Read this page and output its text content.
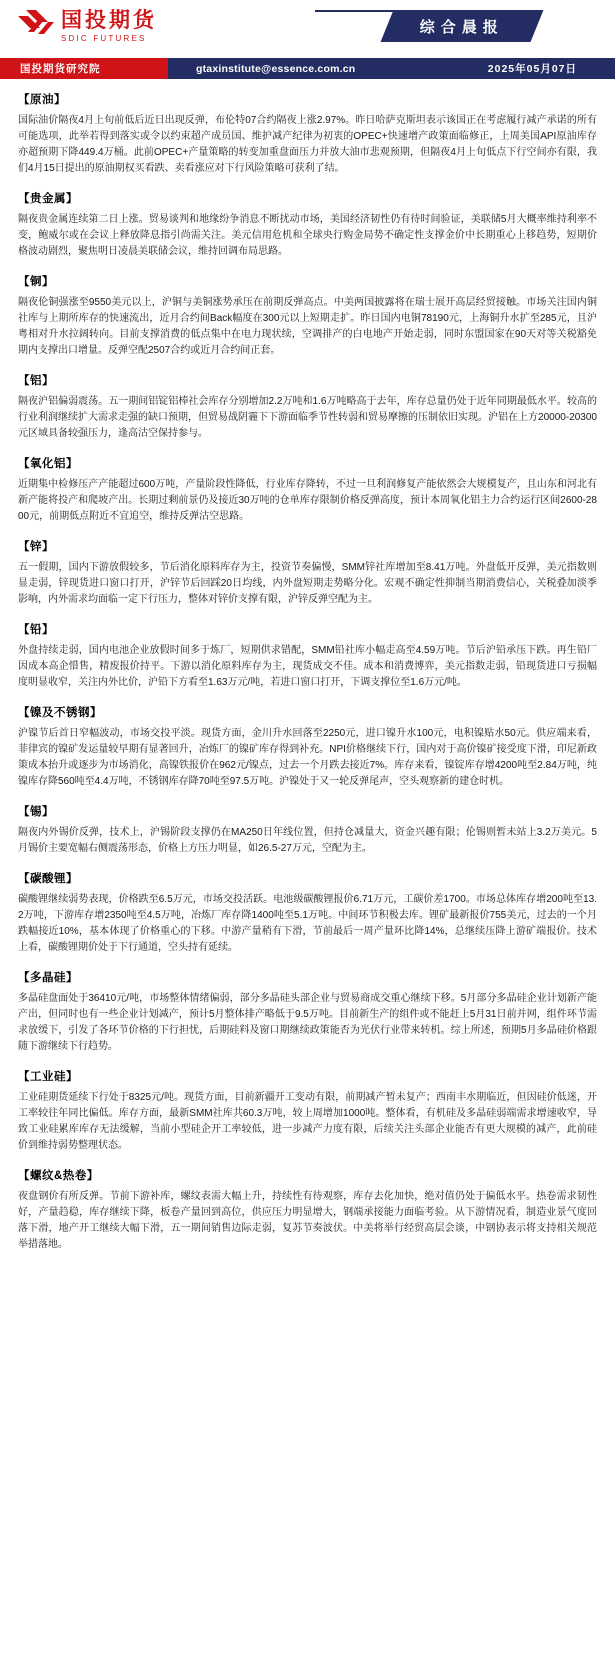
国投期货
SDIC FUTURES
综合晨报
国投期货研究院	gtaxinstitute@essence.com.cn	2025年05月07日
【原油】

国际油价隔夜4月上旬前低后近日出现反弹，布伦特07合约隔夜上涨2.97%。昨日哈萨克斯坦表示该国正在考虑履行减产承诺的所有可能选项，此举若得到落实或令以约束超产成员国、维护减产纪律为初衷的OPEC+快速增产政策面临修正，上周美国API原油库存亦超预期下降449.4万桶。此前OPEC+产量策略的转变加重盘面压力并放大油市悲观预期，但隔夜4月上旬低点下行空间亦有限，我们4月15日提出的原油期权买看跌、卖看涨应对下行风险策略可获利了结。

【贵金属】

隔夜贵金属连续第二日上涨。贸易谈判和地缘纷争消息不断扰动市场，美国经济韧性仍有待时间验证，美联储5月大概率维持利率不变，鲍威尔或在会议上释放降息指引尚需关注。美元信用危机和全球央行购金局势不确定性支撑金价中长期重心上移趋势，短期价格波动剧烈，聚焦明日凌晨美联储会议，维持回调布局思路。

【铜】

隔夜伦铜强涨至9550美元以上，沪铜与美铜涨势承压在前期反弹高点。中美两国披露将在瑞士展开高层经贸接触。市场关注国内铜社库与上期所库存的快速流出，近月合约间Back幅度在300元以上短期走扩。昨日国内电铜78190元，上海铜升水扩至285元，且沪粤相对升水拉阔转向。目前支撑消费的低点集中在电力现状续，空调排产的白电地产开始走弱，同时东盟国家在90天对等关税豁免期内支撑出口增量。反弹空配2507合约或近月合约间正套。

【铝】

隔夜沪铝偏弱震荡。五一期间铝锭铝棒社会库存分别增加2.2万吨和1.6万吨略高于去年，库存总量仍处于近年同期最低水平。较高的行业利润继续扩大需求走强的缺口预期，但贸易战阴霾下下游面临季节性转弱和贸易摩擦的压制依旧实现。沪铝在上方20000-20300元区域具备较强压力，逢高沽空保持参与。

【氧化铝】

近期集中检修压产产能超过600万吨，产量阶段性降低，行业库存降转，不过一旦利润修复产能依然会大规模复产，且山东和河北有新产能将投产和爬坡产出。长期过剩前景仍及接近30万吨的仓单库存限制价格反弹高度，预计本周氧化铝主力合约运行区间2600-2800元，前期低点附近不宜追空，维持反弹沽空思路。

【锌】

五一假期，国内下游放假较多，节后消化原料库存为主，投资节奏偏慢，SMM锌社库增加至8.41万吨。外盘低开反弹，美元指数则显走弱，锌现货进口窗口打开，沪锌节后回踩20日均线，内外盘短期走势略分化。宏观不确定性抑制当期消费信心，关税叠加淡季影响，内外需求均面临一定下行压力，整体对锌价支撑有限，沪锌反弹空配为主。

【铅】

外盘持续走弱，国内电池企业放假时间多于炼厂，短期供求错配，SMM铅社库小幅走高至4.59万吨。节后沪铅承压下跌。再生铅厂因成本高企惜售，精废报价持平。下游以消化原料库存为主，现货成交不佳。成本和消费博弈，美元指数走弱，铅现货进口亏损幅度明显收窄，关注内外比价，沪铅下方看至1.63万元/吨，若进口窗口打开，下调支撑位至1.6万元/吨。

【镍及不锈钢】

沪镍节后首日窄幅波动，市场交投平淡。现货方面，金川升水回落至2250元，进口镍升水100元，电积镍贴水50元。供应端来看，菲律宾的镍矿发运量较早期有显著回升，冶炼厂的镍矿库存得到补充。NPI价格继续下行，国内对于高价镍矿接受度下滑，印尼新政策成本抬升或逐步为市场消化，高镍铁报价在962元/镍点，过去一个月跌去接近7%。库存来看，镍锭库存增4200吨至2.84万吨，纯镍库存降560吨至4.4万吨，不锈钢库存降70吨至97.5万吨。沪镍处于又一轮反弹尾声，空头观察新的建仓时机。

【锡】

隔夜内外锡价反弹，技术上，沪锡阶段支撑仍在MA250日年线位置，但持仓减量大，资金兴趣有限；伦锡则暂未站上3.2万美元。5月锡价主要宽幅右侧震荡形态，价格上方压力明显，如26.5-27万元，空配为主。

【碳酸锂】

碳酸锂继续弱势表现，价格跌至6.5万元，市场交投活跃。电池级碳酸锂报价6.71万元，工碳价差1700。市场总体库存增200吨至13.2万吨，下游库存增2350吨至4.5万吨，冶炼厂库存降1400吨至5.1万吨。中间环节积极去库。锂矿最新报价755美元，过去的一个月跌幅接近10%，基本体现了价格重心的下移。中游产量稍有下滑，节前最后一周产量环比降14%，总继续压降上游矿端报价。技术上看，碳酸锂期价处于下行通道，空头持有延续。

【多晶硅】

多晶硅盘面处于36410元/吨，市场整体情绪偏弱，部分多晶硅头部企业与贸易商成交重心继续下移。5月部分多晶硅企业计划新产能产出，但同时也有一些企业计划减产，预计5月整体排产略低于9.5万吨。目前新生产的组件或不能赶上5月31日前并网，组件环节需求放缓下，引发了各环节价格的下行担忧，后期硅料及窗口期继续政策能否为光伏行业带来转机。综上所述，预期5月多晶硅价格跟随下游继续下行趋势。

【工业硅】

工业硅期货延续下行处于8325元/吨。现货方面，目前新疆开工变动有限，前期减产暂未复产；西南丰水期临近，但因硅价低迷，开工率较往年同比偏低。库存方面，最新SMM社库共60.3万吨，较上周增加1000吨。整体看，有机硅及多晶硅弱端需求增速收窄，导致工业硅累库库存无法缓解，当前小型硅企开工率较低，进一步减产力度有限，后续关注头部企业能否有更大规模的减产，此前硅价到维持弱势整理状态。

【螺纹&热卷】

夜盘钢价有所反弹。节前下游补库，螺纹表需大幅上升，持续性有待观察，库存去化加快，绝对值仍处于偏低水平。热卷需求韧性好，产量趋稳，库存继续下降，板卷产量回到高位，供应压力明显增大，钢端承接能力面临考验。从下游情况看，制造业景气度回落下滑，地产开工继续大幅下滑，五一期间销售边际走弱，复苏节奏波伏。中美将举行经贸高层会谈，中钢协表示将支持相关规范举措落地。
